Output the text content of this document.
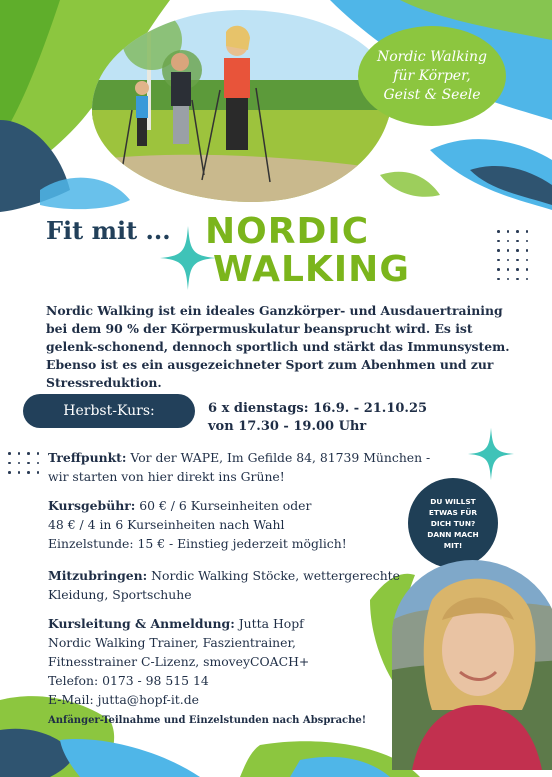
Nordic Walking
für Körper,
Geist & Seele
Fit mit ... NORDIC
WALKING
Nordic Walking ist ein ideales Ganzkörper- und Ausdauertraining bei dem 90 % der Körpermuskulatur beansprucht wird. Es ist gelenk-schonend, dennoch sportlich und stärkt das Immunsystem. Ebenso ist es ein ausgezeichneter Sport zum Abenhmen und zur Stressreduktion.
Herbst-Kurs:	6 x dienstags: 16.9. - 21.10.25
von 17.30 - 19.00 Uhr
Treffpunkt: Vor der WAPE, Im Gefilde 84, 81739 München -
wir starten von hier direkt ins Grüne!
Kursgebühr: 60 € / 6 Kurseinheiten oder
48 € / 4 in 6 Kurseinheiten nach Wahl
Einzelstunde: 15 € - Einstieg jederzeit möglich!
DU WILLST
ETWAS FÜR
DICH TUN?
DANN MACH
MIT!
Mitzubringen: Nordic Walking Stöcke, wettergerechte
Kleidung, Sportschuhe
Kursleitung & Anmeldung: Jutta Hopf
Nordic Walking Trainer, Faszientrainer,
Fitnesstrainer C-Lizenz, smoveyCOACH+
Telefon: 0173 - 98 515 14
E-Mail: jutta@hopf-it.de
Anfänger-Teilnahme und Einzelstunden nach Absprache!
